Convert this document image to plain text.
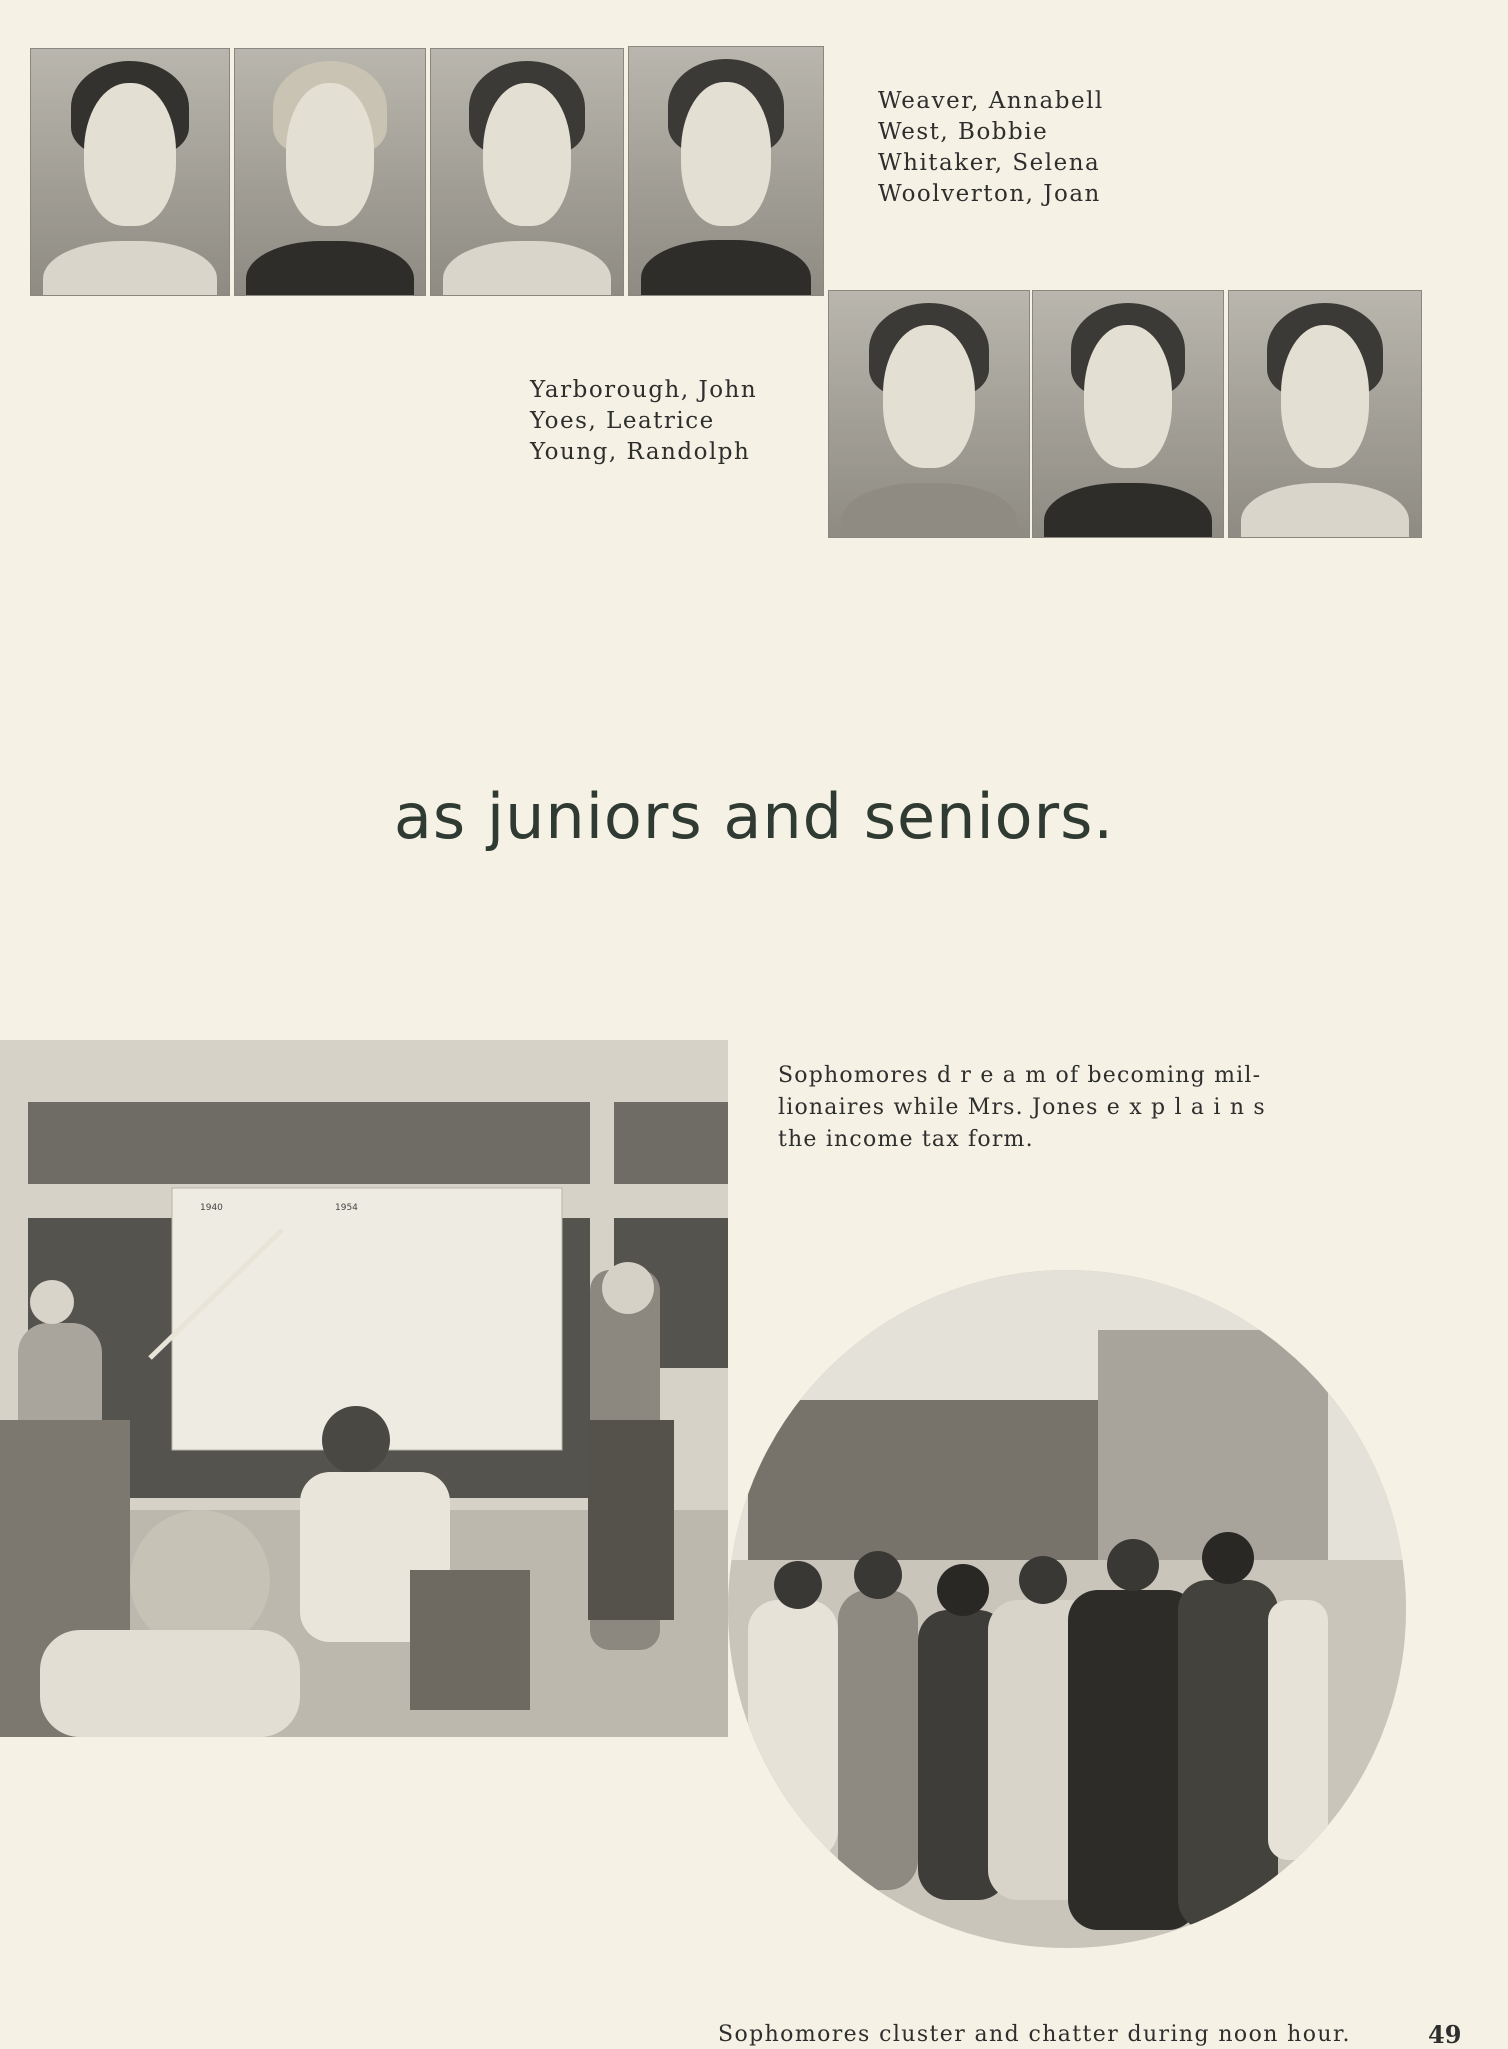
Weaver, Annabell
West, Bobbie
Whitaker, Selena
Woolverton, Joan
Yarborough, John
Yoes, Leatrice
Young, Randolph
as juniors and seniors.
1940	1954
Sophomores d r e a m of becoming mil-
lionaires while Mrs. Jones e x p l a i n s
the income tax form.
Sophomores cluster and chatter during noon hour.	49
